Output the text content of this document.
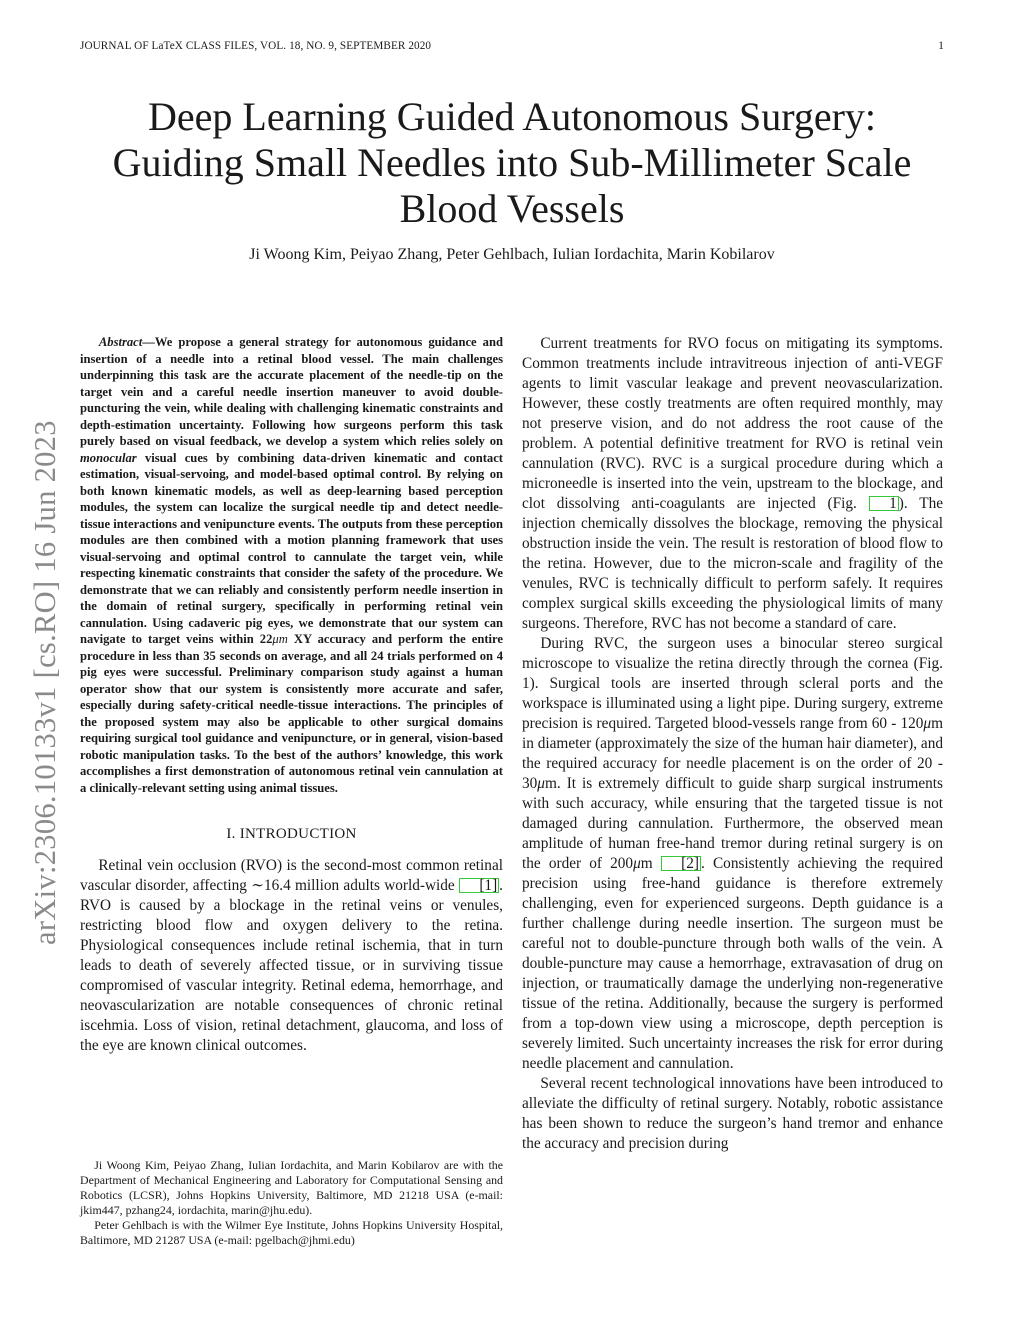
JOURNAL OF LaTeX CLASS FILES, VOL. 18, NO. 9, SEPTEMBER 2020	1
Deep Learning Guided Autonomous Surgery: Guiding Small Needles into Sub-Millimeter Scale Blood Vessels
Ji Woong Kim, Peiyao Zhang, Peter Gehlbach, Iulian Iordachita, Marin Kobilarov
arXiv:2306.10133v1 [cs.RO] 16 Jun 2023

Abstract—We propose a general strategy for autonomous guidance and insertion of a needle into a retinal blood vessel. The main challenges underpinning this task are the accurate placement of the needle-tip on the target vein and a careful needle insertion maneuver to avoid double-puncturing the vein, while dealing with challenging kinematic constraints and depth-estimation uncertainty. Following how surgeons perform this task purely based on visual feedback, we develop a system which relies solely on monocular visual cues by combining data-driven kinematic and contact estimation, visual-servoing, and model-based optimal control. By relying on both known kinematic models, as well as deep-learning based perception modules, the system can localize the surgical needle tip and detect needle-tissue interactions and venipuncture events. The outputs from these perception modules are then combined with a motion planning framework that uses visual-servoing and optimal control to cannulate the target vein, while respecting kinematic constraints that consider the safety of the procedure. We demonstrate that we can reliably and consistently perform needle insertion in the domain of retinal surgery, specifically in performing retinal vein cannulation. Using cadaveric pig eyes, we demonstrate that our system can navigate to target veins within 22μm XY accuracy and perform the entire procedure in less than 35 seconds on average, and all 24 trials performed on 4 pig eyes were successful. Preliminary comparison study against a human operator show that our system is consistently more accurate and safer, especially during safety-critical needle-tissue interactions. The principles of the proposed system may also be applicable to other surgical domains requiring surgical tool guidance and venipuncture, or in general, vision-based robotic manipulation tasks. To the best of the authors’ knowledge, this work accomplishes a first demonstration of autonomous retinal vein cannulation at a clinically-relevant setting using animal tissues.

I. INTRODUCTION

Retinal vein occlusion (RVO) is the second-most common retinal vascular disorder, affecting ∼16.4 million adults world-wide [1] . RVO is caused by a blockage in the retinal veins or venules, restricting blood flow and oxygen delivery to the retina. Physiological consequences include retinal ischemia, that in turn leads to death of severely affected tissue, or in surviving tissue compromised of vascular integrity. Retinal edema, hemorrhage, and neovascularization are notable consequences of chronic retinal iscehmia. Loss of vision, retinal detachment, glaucoma, and loss of the eye are known clinical outcomes.

Current treatments for RVO focus on mitigating its symptoms. Common treatments include intravitreous injection of anti-VEGF agents to limit vascular leakage and prevent neovascularization. However, these costly treatments are often required monthly, may not preserve vision, and do not address the root cause of the problem. A potential definitive treatment for RVO is retinal vein cannulation (RVC). RVC is a surgical procedure during which a microneedle is inserted into the vein, upstream to the blockage, and clot dissolving anti-coagulants are injected (Fig. 1 ). The injection chemically dissolves the blockage, removing the physical obstruction inside the vein. The result is restoration of blood flow to the retina. However, due to the micron-scale and fragility of the venules, RVC is technically difficult to perform safely. It requires complex surgical skills exceeding the physiological limits of many surgeons. Therefore, RVC has not become a standard of care.

During RVC, the surgeon uses a binocular stereo surgical microscope to visualize the retina directly through the cornea (Fig. 1). Surgical tools are inserted through scleral ports and the workspace is illuminated using a light pipe. During surgery, extreme precision is required. Targeted blood-vessels range from 60 - 120μm in diameter (approximately the size of the human hair diameter), and the required accuracy for needle placement is on the order of 20 - 30μm. It is extremely difficult to guide sharp surgical instruments with such accuracy, while ensuring that the targeted tissue is not damaged during cannulation. Furthermore, the observed mean amplitude of human free-hand tremor during retinal surgery is on the order of 200μm [2] . Consistently achieving the required precision using free-hand guidance is therefore extremely challenging, even for experienced surgeons. Depth guidance is a further challenge during needle insertion. The surgeon must be careful not to double-puncture through both walls of the vein. A double-puncture may cause a hemorrhage, extravasation of drug on injection, or traumatically damage the underlying non-regenerative tissue of the retina. Additionally, because the surgery is performed from a top-down view using a microscope, depth perception is severely limited. Such uncertainty increases the risk for error during needle placement and cannulation.

Several recent technological innovations have been introduced to alleviate the difficulty of retinal surgery. Notably, robotic assistance has been shown to reduce the surgeon’s hand tremor and enhance the accuracy and precision during

Ji Woong Kim, Peiyao Zhang, Iulian Iordachita, and Marin Kobilarov are with the Department of Mechanical Engineering and Laboratory for Computational Sensing and Robotics (LCSR), Johns Hopkins University, Baltimore, MD 21218 USA (e-mail: jkim447, pzhang24, iordachita, marin@jhu.edu).

Peter Gehlbach is with the Wilmer Eye Institute, Johns Hopkins University Hospital, Baltimore, MD 21287 USA (e-mail: pgelbach@jhmi.edu)
